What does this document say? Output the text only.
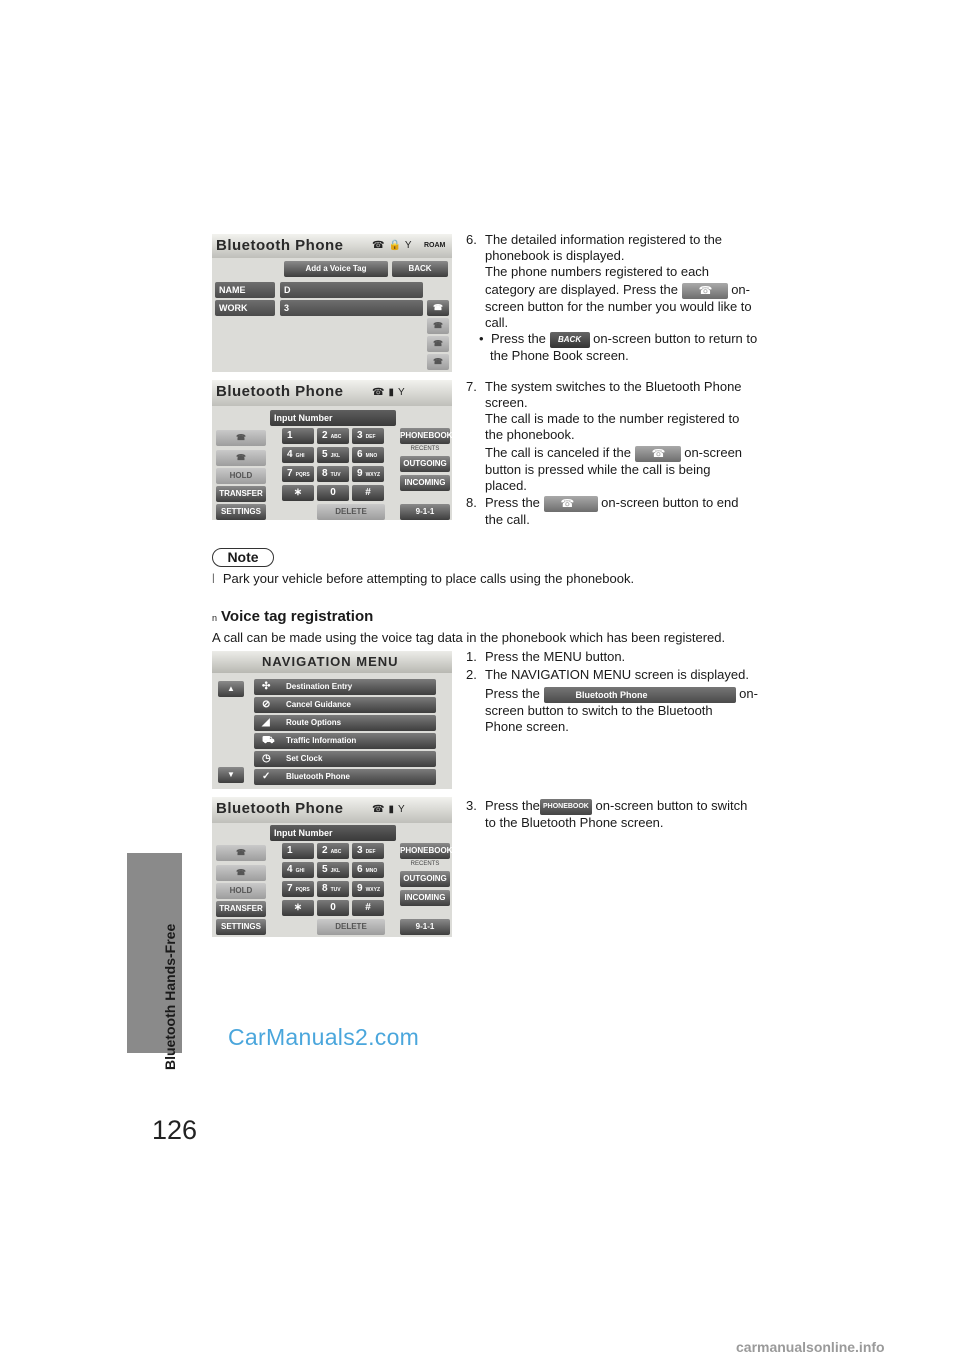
Bluetooth Hands-Free
126
Bluetooth Phone	☎🔒Y ROAM
Add a Voice Tag	BACK
NAME	D
WORK	3	☎
☎
☎
☎
Bluetooth Phone	☎▮Y
Input Number
☎
☎
HOLD
TRANSFER
SETTINGS
1	2 ABC	3 DEF
4 GHI	5 JKL	6 MNO
7 PQRS	8 TUV	9 WXYZ
∗	0	#
DELETE
PHONEBOOK
RECENTS
OUTGOING
INCOMING
9-1-1
6. The detailed information registered to the
phonebook is displayed.
The phone numbers registered to each
category are displayed. Press the ☎	on-
screen button for the number you would like to
call.
• Press the BACK on-screen button to return to
the Phone Book screen.
7. The system switches to the Bluetooth Phone
screen.
The call is made to the number registered to
the phonebook.
The call is canceled if the ☎	on-screen
button is pressed while the call is being
placed.
8. Press the ☎	on-screen button to end
the call.
Note
l Park your vehicle before attempting to place calls using the phonebook.
n Voice tag registration
A call can be made using the voice tag data in the phonebook which has been registered.
NAVIGATION MENU
▲
▼
✣ Destination Entry
⊘ Cancel Guidance
◢ Route Options
⛟ Traffic Information
◷ Set Clock
✓ Bluetooth Phone
1. Press the MENU button.
2. The NAVIGATION MENU screen is displayed.
Press the	Bluetooth Phone	on-
screen button to switch to the Bluetooth
Phone screen.
Bluetooth Phone	☎▮Y
Input Number
☎
☎
HOLD
TRANSFER
SETTINGS
1	2 ABC	3 DEF
4 GHI	5 JKL	6 MNO
7 PQRS	8 TUV	9 WXYZ
∗	0	#
DELETE
PHONEBOOK
RECENTS
OUTGOING
INCOMING
9-1-1
3. Press the PHONEBOOK on-screen button to switch
to the Bluetooth Phone screen.
CarManuals2.com
carmanualsonline.info
